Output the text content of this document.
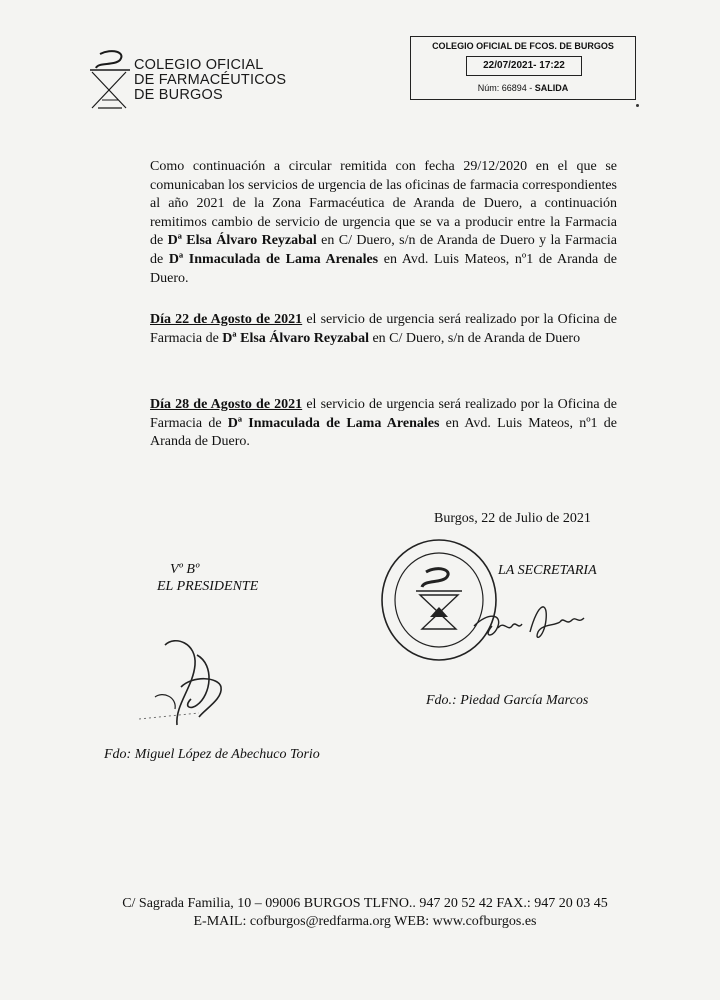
COLEGIO OFICIAL
DE FARMACÉUTICOS
DE BURGOS
COLEGIO OFICIAL DE FCOS. DE BURGOS
22/07/2021- 17:22
Núm: 66894 - SALIDA
Como continuación a circular remitida con fecha 29/12/2020 en el que se comunicaban los servicios de urgencia de las oficinas de farmacia correspondientes al año 2021 de la Zona Farmacéutica de Aranda de Duero, a continuación remitimos cambio de servicio de urgencia que se va a producir entre la Farmacia de Dª Elsa Álvaro Reyzabal en C/ Duero, s/n de Aranda de Duero y la Farmacia de Dª Inmaculada de Lama Arenales en Avd. Luis Mateos, nº1 de Aranda de Duero.
Día 22 de Agosto de 2021 el servicio de urgencia será realizado por la Oficina de Farmacia de Dª Elsa Álvaro Reyzabal en C/ Duero, s/n de Aranda de Duero
Día 28 de Agosto de 2021 el servicio de urgencia será realizado por la Oficina de Farmacia de Dª Inmaculada de Lama Arenales en Avd. Luis Mateos, nº1 de Aranda de Duero.
Burgos, 22 de Julio de 2021
Vº Bº
EL PRESIDENTE
LA SECRETARIA
Fdo.: Piedad García Marcos
Fdo: Miguel López de Abechuco Torio
C/ Sagrada Familia, 10 – 09006 BURGOS TLFNO.. 947 20 52 42 FAX.: 947 20 03 45
E-MAIL: cofburgos@redfarma.org WEB: www.cofburgos.es
